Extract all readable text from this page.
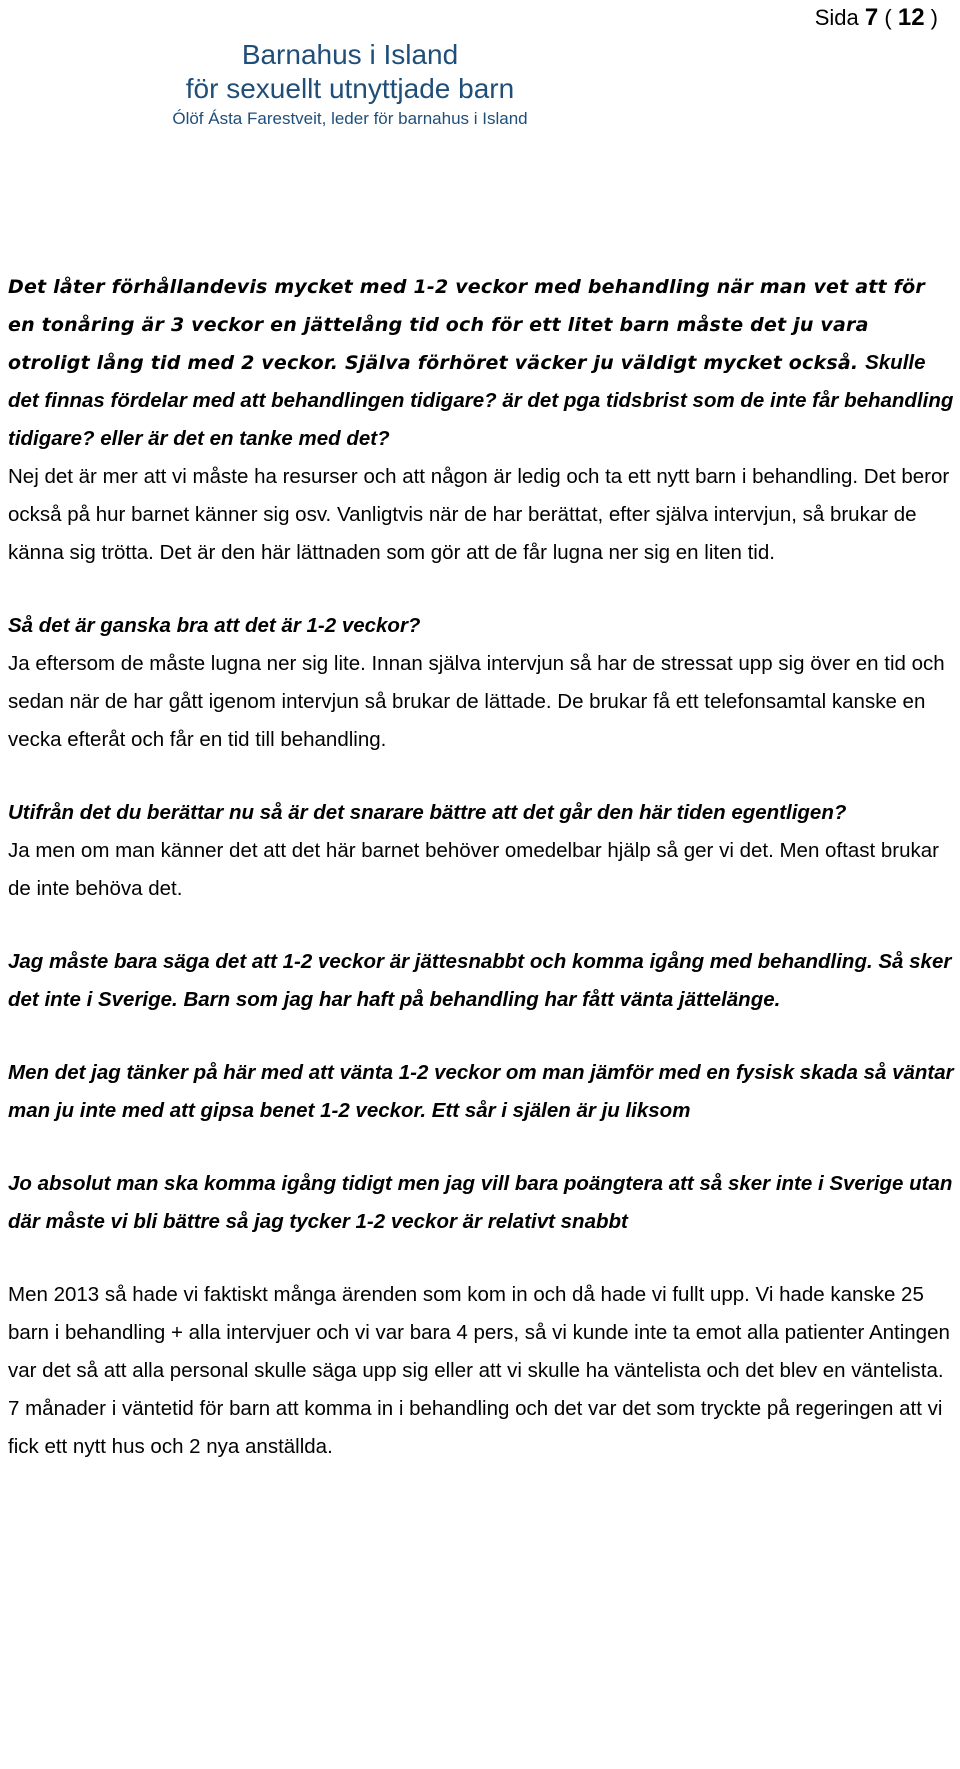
Sida 7 ( 12 )
Barnahus i Island
för sexuellt utnyttjade barn
Ólöf Ásta Farestveit, leder för barnahus i Island

Det låter förhållandevis mycket med 1-2 veckor med behandling när man vet att för en tonåring är 3 veckor en jättelång tid och för ett litet barn måste det ju vara otroligt lång tid med 2 veckor. Själva förhöret väcker ju väldigt mycket också. Skulle det finnas fördelar med att behandlingen tidigare? är det pga tidsbrist som de inte får behandling tidigare? eller är det en tanke med det?
Nej det är mer att vi måste ha resurser och att någon är ledig och ta ett nytt barn i behandling. Det beror också på hur barnet känner sig osv. Vanligtvis när de har berättat, efter själva intervjun, så brukar de känna sig trötta. Det är den här lättnaden som gör att de får lugna ner sig en liten tid.

Så det är ganska bra att det är 1-2 veckor?
Ja eftersom de måste lugna ner sig lite. Innan själva intervjun så har de stressat upp sig över en tid och sedan när de har gått igenom intervjun så brukar de lättade. De brukar få ett telefonsamtal kanske en vecka efteråt och får en tid till behandling.

Utifrån det du berättar nu så är det snarare bättre att det går den här tiden egentligen?
Ja men om man känner det att det här barnet behöver omedelbar hjälp så ger vi det. Men oftast brukar de inte behöva det.

Jag måste bara säga det att 1-2 veckor är jättesnabbt och komma igång med behandling. Så sker det inte i Sverige. Barn som jag har haft på behandling har fått vänta jättelänge.

Men det jag tänker på här med att vänta 1-2 veckor om man jämför med en fysisk skada så väntar man ju inte med att gipsa benet 1-2 veckor. Ett sår i själen är ju liksom

Jo absolut man ska komma igång tidigt men jag vill bara poängtera att så sker inte i Sverige utan där måste vi bli bättre så jag tycker 1-2 veckor är relativt snabbt

Men 2013 så hade vi faktiskt många ärenden som kom in och då hade vi fullt upp. Vi hade kanske 25 barn i behandling + alla intervjuer och vi var bara 4 pers, så vi kunde inte ta emot alla patienter Antingen var det så att alla personal skulle säga upp sig eller att vi skulle ha väntelista och det blev en väntelista. 7 månader i väntetid för barn att komma in i behandling och det var det som tryckte på regeringen att vi fick ett nytt hus och 2 nya anställda.
